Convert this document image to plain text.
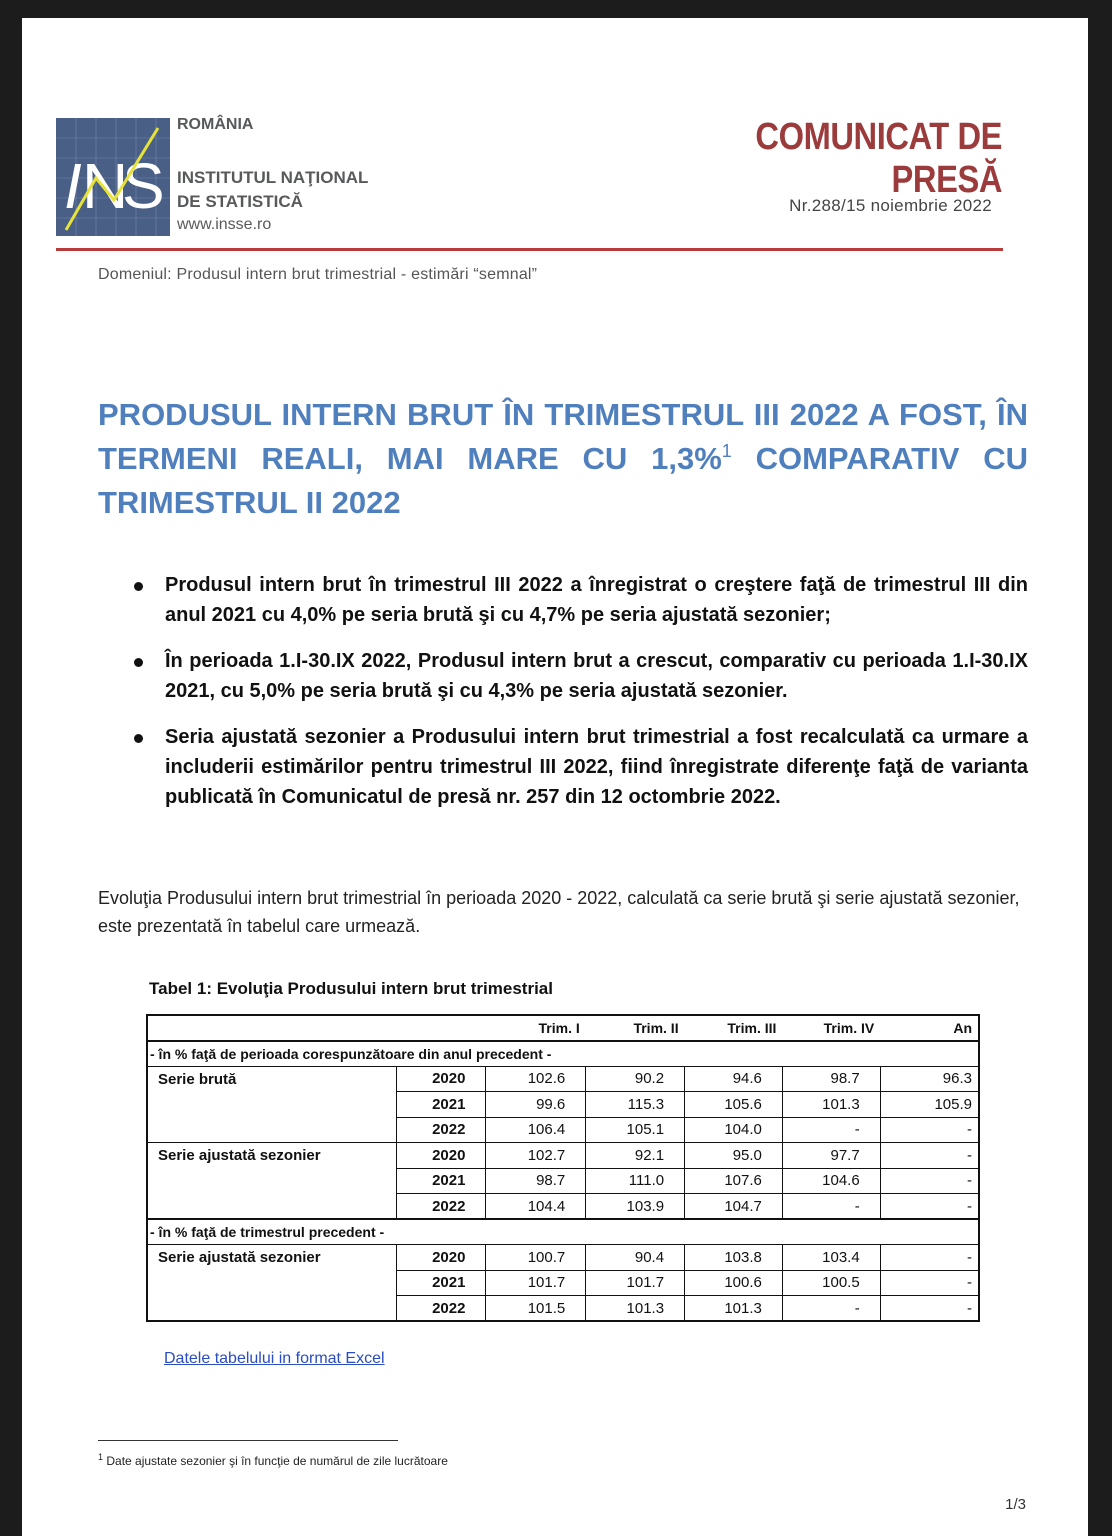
I N
S
ROMÂNIA
INSTITUTUL NAŢIONAL
DE STATISTICĂ
www.insse.ro
COMUNICAT DE PRESĂ
Nr.288/15 noiembrie 2022
Domeniul: Produsul intern brut trimestrial - estimări “semnal”
PRODUSUL INTERN BRUT ÎN TRIMESTRUL III 2022 A FOST, ÎN TERMENI REALI, MAI MARE CU 1,3%$^1$ COMPARATIV CU TRIMESTRUL II 2022
Produsul intern brut în trimestrul III 2022 a înregistrat o creştere faţă de trimestrul III din anul 2021 cu 4,0% pe seria brută şi cu 4,7% pe seria ajustată sezonier;
În perioada 1.I-30.IX 2022, Produsul intern brut a crescut, comparativ cu perioada 1.I-30.IX 2021, cu 5,0% pe seria brută şi cu 4,3% pe seria ajustată sezonier.
Seria ajustată sezonier a Produsului intern brut trimestrial a fost recalculată ca urmare a includerii estimărilor pentru trimestrul III 2022, fiind înregistrate diferenţe faţă de varianta publicată în Comunicatul de presă nr. 257 din 12 octombrie 2022.
Evoluţia Produsului intern brut trimestrial în perioada 2020 - 2022, calculată ca serie brută şi serie ajustată sezonier, este prezentată în tabelul care urmează.
Tabel 1: Evoluţia Produsului intern brut trimestrial
		Trim. I	Trim. II	Trim. III	Trim. IV	An
- în % faţă de perioada corespunzătoare din anul precedent -						
Serie brută	2020	102.6	90.2	94.6	98.7	96.3
	2021	99.6	115.3	105.6	101.3	105.9
	2022	106.4	105.1	104.0	-	-
Serie ajustată sezonier	2020	102.7	92.1	95.0	97.7	-
	2021	98.7	111.0	107.6	104.6	-
	2022	104.4	103.9	104.7	-	-
- în % faţă de trimestrul precedent -						
Serie ajustată sezonier	2020	100.7	90.4	103.8	103.4	-
	2021	101.7	101.7	100.6	100.5	-
	2022	101.5	101.3	101.3	-	-
Datele tabelului in format Excel
$^1$ Date ajustate sezonier şi în funcţie de numărul de zile lucrătoare
1/3
